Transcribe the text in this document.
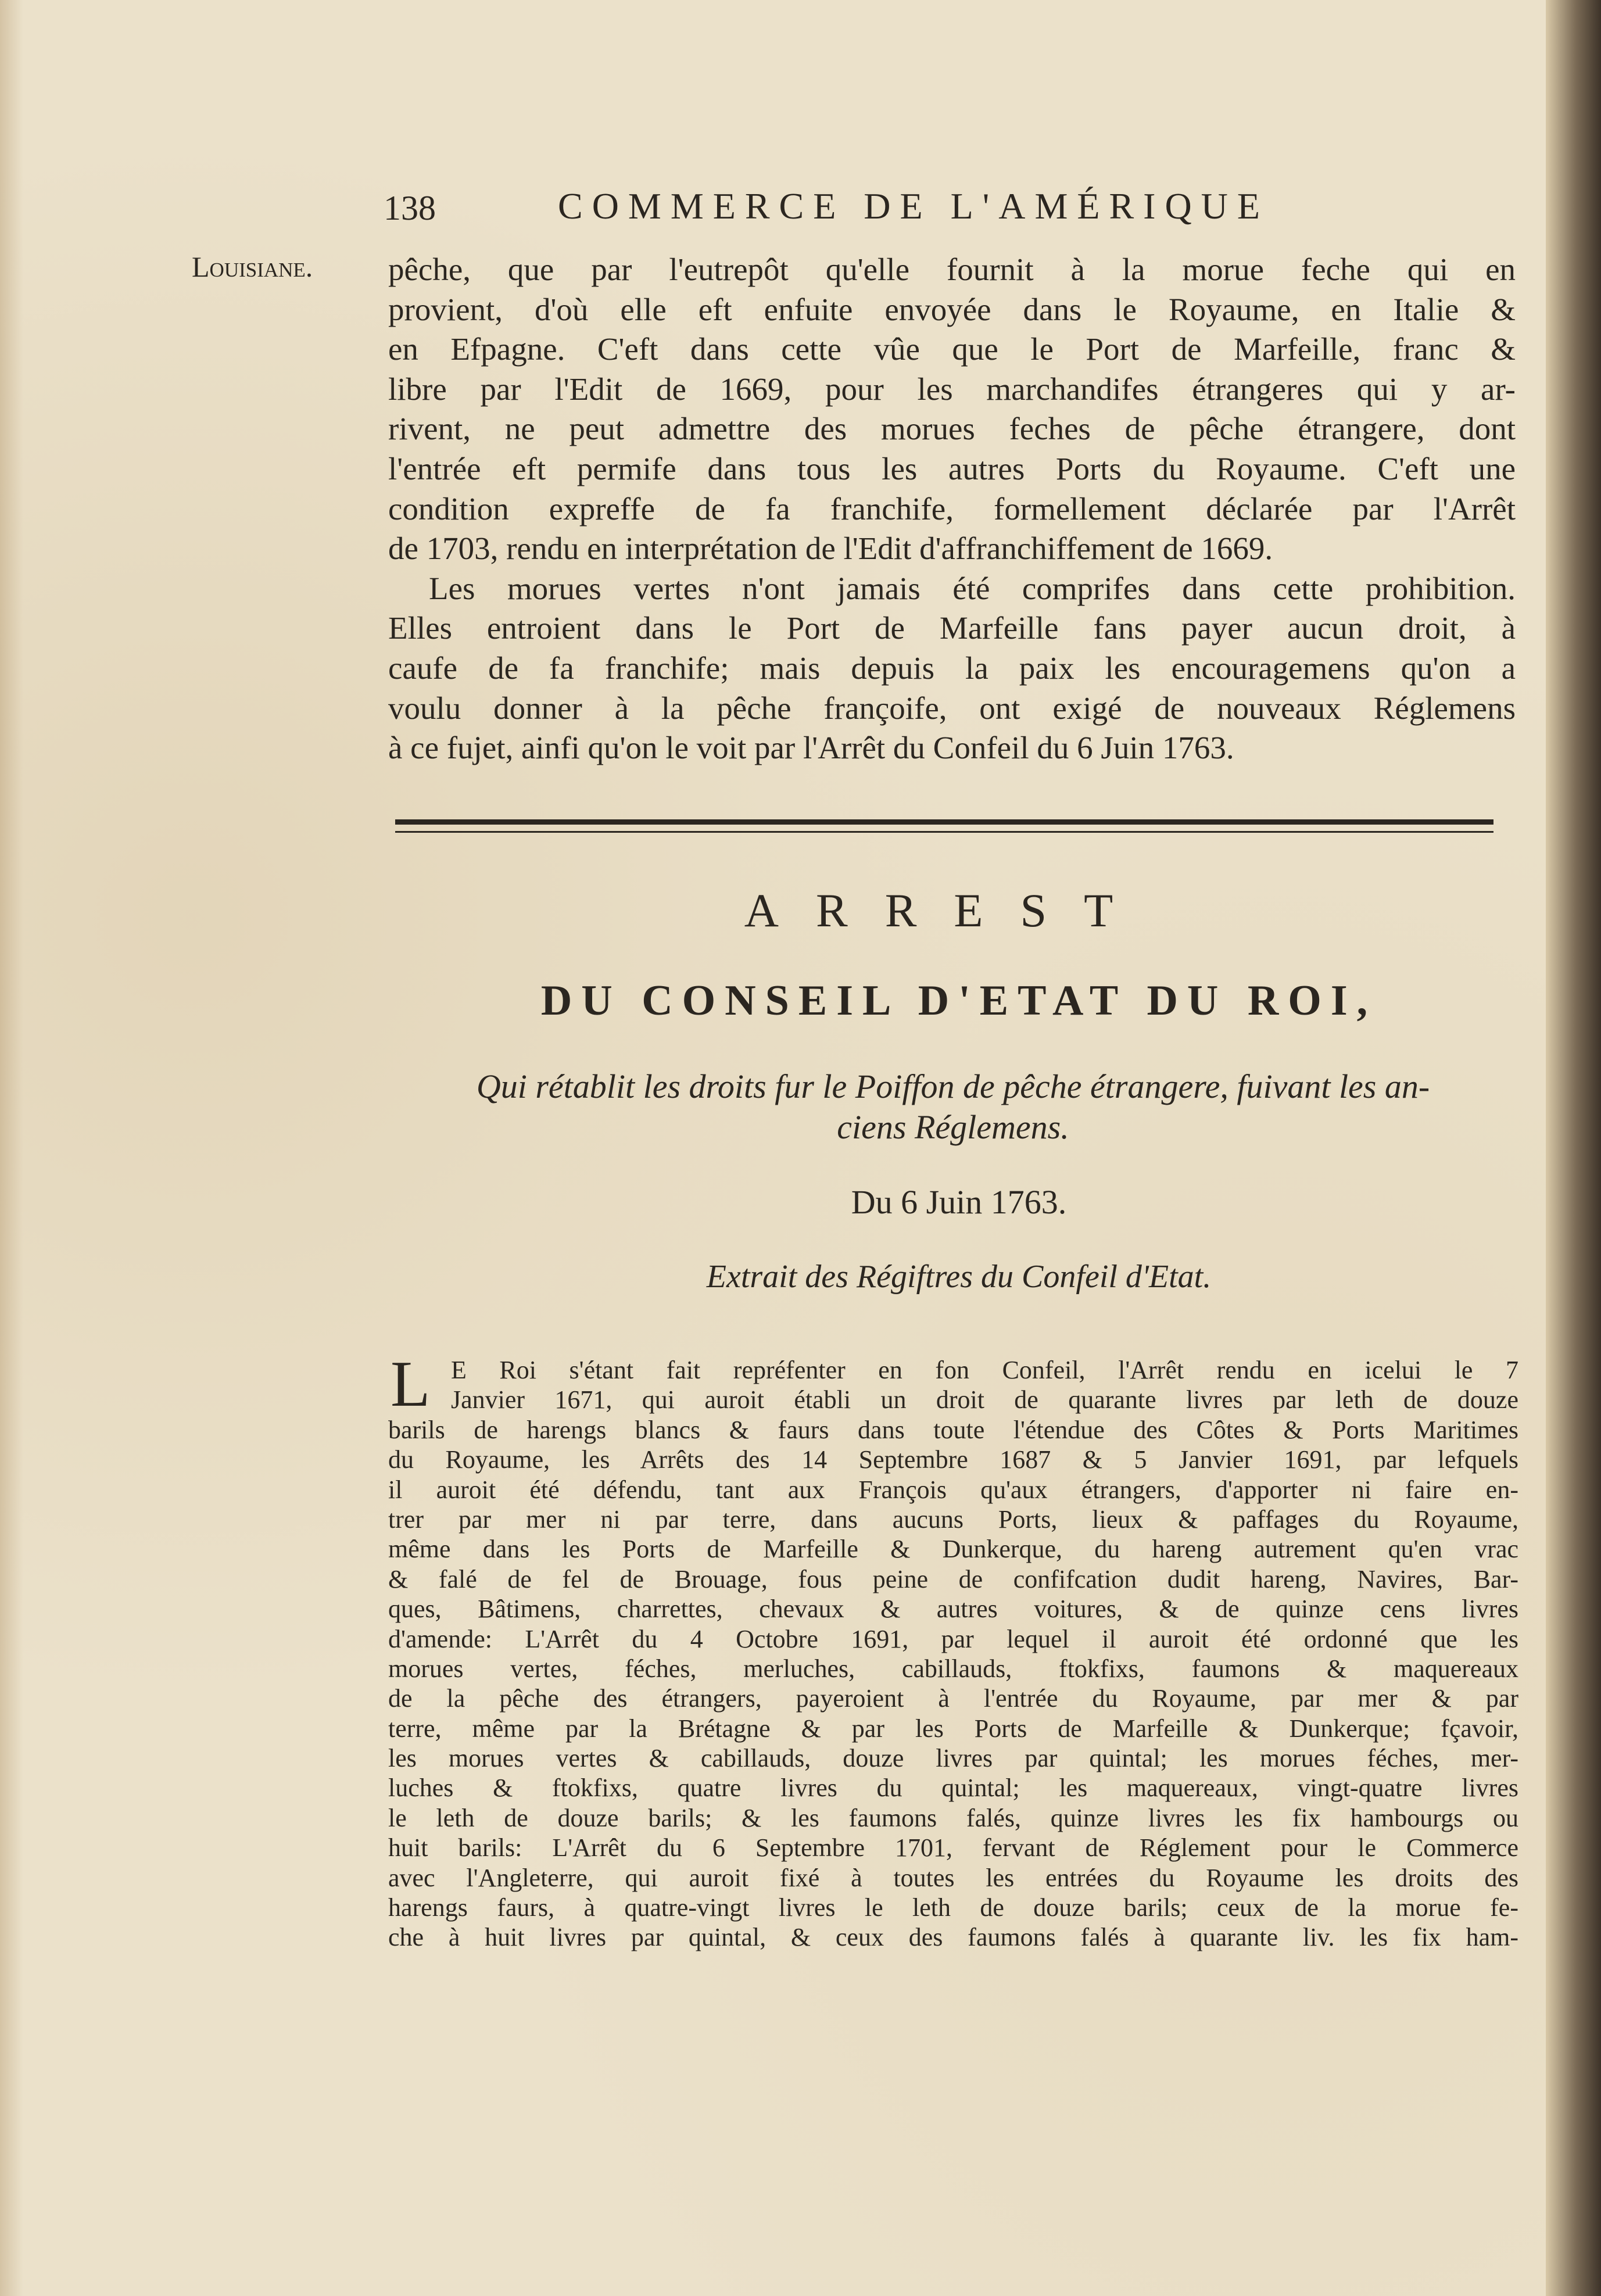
138	COMMERCE DE L'AMÉRIQUE
Louisiane. pêche, que par l'eutrepôt qu'elle fournit à la morue feche qui en
provient, d'où elle eft enfuite envoyée dans le Royaume, en Italie &
en Efpagne. C'eft dans cette vûe que le Port de Marfeille, franc &
libre par l'Edit de 1669, pour les marchandifes étrangeres qui y ar-
rivent, ne peut admettre des morues feches de pêche étrangere, dont
l'entrée eft permife dans tous les autres Ports du Royaume. C'eft une
condition expreffe de fa franchife, formellement déclarée par l'Arrêt
de 1703, rendu en interprétation de l'Edit d'affranchiffement de 1669.
Les morues vertes n'ont jamais été comprifes dans cette prohibition.
Elles entroient dans le Port de Marfeille fans payer aucun droit, à
caufe de fa franchife; mais depuis la paix les encouragemens qu'on a
voulu donner à la pêche françoife, ont exigé de nouveaux Réglemens
à ce fujet, ainfi qu'on le voit par l'Arrêt du Confeil du 6 Juin 1763.
ARREST
DU CONSEIL D'ETAT DU ROI,
Qui rétablit les droits fur le Poiffon de pêche étrangere, fuivant les an-
ciens Réglemens.
Du 6 Juin 1763.
Extrait des Régiftres du Confeil d'Etat.
L E Roi s'étant fait repréfenter en fon Confeil, l'Arrêt rendu en icelui le 7
Janvier 1671, qui auroit établi un droit de quarante livres par leth de douze
barils de harengs blancs & faurs dans toute l'étendue des Côtes & Ports Maritimes
du Royaume, les Arrêts des 14 Septembre 1687 & 5 Janvier 1691, par lefquels
il auroit été défendu, tant aux François qu'aux étrangers, d'apporter ni faire en-
trer par mer ni par terre, dans aucuns Ports, lieux & paffages du Royaume,
même dans les Ports de Marfeille & Dunkerque, du hareng autrement qu'en vrac
& falé de fel de Brouage, fous peine de confifcation dudit hareng, Navires, Bar-
ques, Bâtimens, charrettes, chevaux & autres voitures, & de quinze cens livres
d'amende: L'Arrêt du 4 Octobre 1691, par lequel il auroit été ordonné que les
morues vertes, féches, merluches, cabillauds, ftokfixs, faumons & maquereaux
de la pêche des étrangers, payeroient à l'entrée du Royaume, par mer & par
terre, même par la Brétagne & par les Ports de Marfeille & Dunkerque; fçavoir,
les morues vertes & cabillauds, douze livres par quintal; les morues féches, mer-
luches & ftokfixs, quatre livres du quintal; les maquereaux, vingt-quatre livres
le leth de douze barils; & les faumons falés, quinze livres les fix hambourgs ou
huit barils: L'Arrêt du 6 Septembre 1701, fervant de Réglement pour le Commerce
avec l'Angleterre, qui auroit fixé à toutes les entrées du Royaume les droits des
harengs faurs, à quatre-vingt livres le leth de douze barils; ceux de la morue fe-
che à huit livres par quintal, & ceux des faumons falés à quarante liv. les fix ham-
